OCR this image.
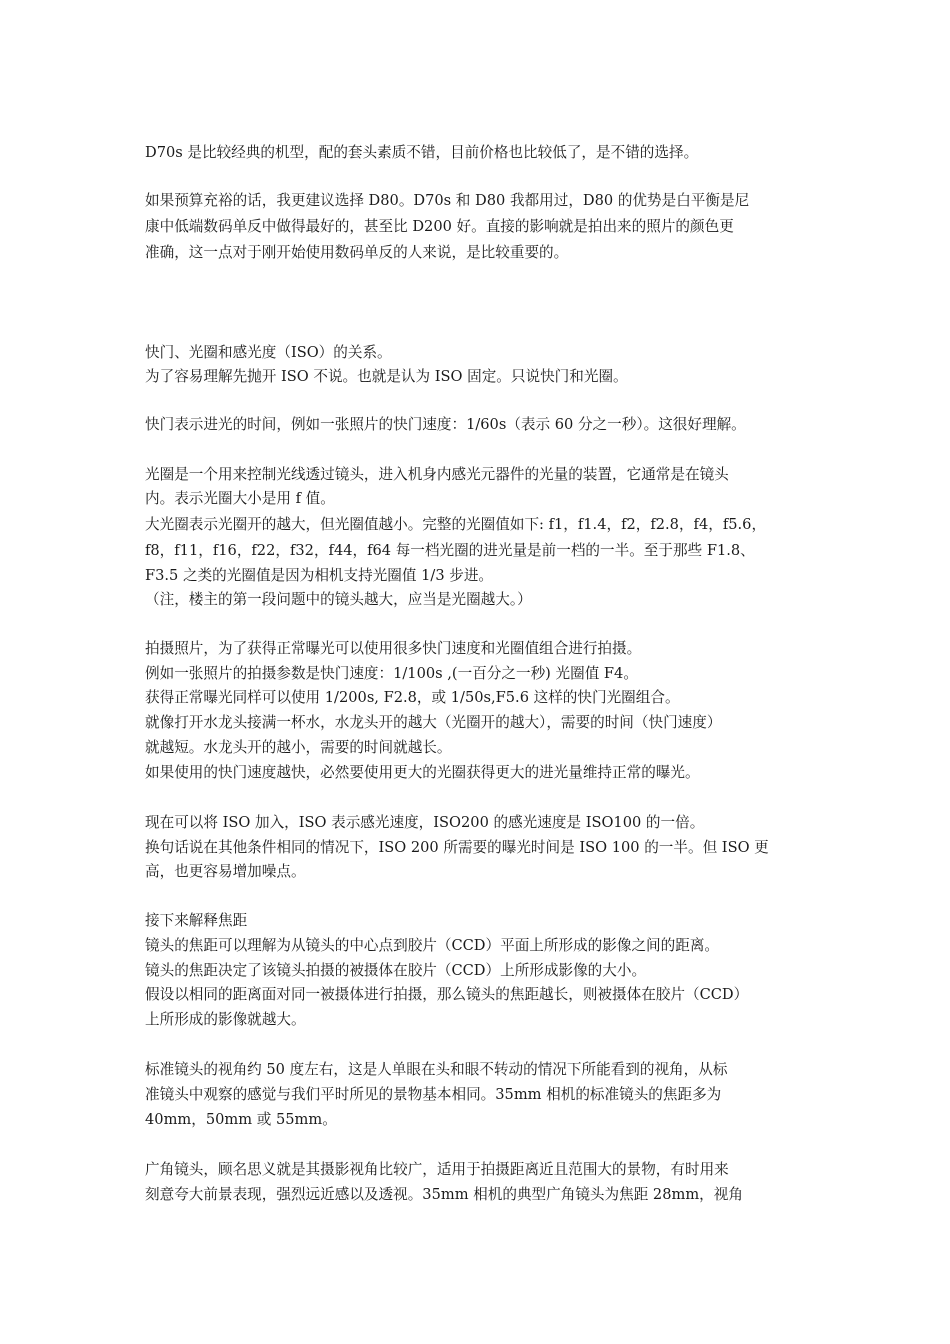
D70s 是比较经典的机型，配的套头素质不错，目前价格也比较低了，是不错的选择。

如果预算充裕的话，我更建议选择 D80。D70s 和 D80 我都用过，D80 的优势是白平衡是尼

康中低端数码单反中做得最好的，甚至比 D200 好。直接的影响就是拍出来的照片的颜色更

准确，这一点对于刚开始使用数码单反的人来说，是比较重要的。

快门、光圈和感光度（ISO）的关系。

为了容易理解先抛开 ISO 不说。也就是认为 ISO 固定。只说快门和光圈。

快门表示进光的时间，例如一张照片的快门速度：1/60s（表示 60 分之一秒）。这很好理解。

光圈是一个用来控制光线透过镜头，进入机身内感光元器件的光量的装置，它通常是在镜头

内。表示光圈大小是用 f 值。

大光圈表示光圈开的越大，但光圈值越小。完整的光圈值如下: f1，f1.4，f2，f2.8，f4，f5.6，

f8，f11，f16，f22，f32，f44，f64 每一档光圈的进光量是前一档的一半。至于那些 F1.8、

F3.5 之类的光圈值是因为相机支持光圈值 1/3 步进。

（注，楼主的第一段问题中的镜头越大，应当是光圈越大。）

拍摄照片，为了获得正常曝光可以使用很多快门速度和光圈值组合进行拍摄。

例如一张照片的拍摄参数是快门速度：1/100s ,(一百分之一秒) 光圈值 F4。

获得正常曝光同样可以使用 1/200s, F2.8，或 1/50s,F5.6 这样的快门光圈组合。

就像打开水龙头接满一杯水，水龙头开的越大（光圈开的越大），需要的时间（快门速度）

就越短。水龙头开的越小，需要的时间就越长。

如果使用的快门速度越快，必然要使用更大的光圈获得更大的进光量维持正常的曝光。

现在可以将 ISO 加入，ISO 表示感光速度，ISO200 的感光速度是 ISO100 的一倍。

换句话说在其他条件相同的情况下，ISO 200 所需要的曝光时间是 ISO 100 的一半。但 ISO 更

高，也更容易增加噪点。

接下来解释焦距

镜头的焦距可以理解为从镜头的中心点到胶片（CCD）平面上所形成的影像之间的距离。

镜头的焦距决定了该镜头拍摄的被摄体在胶片（CCD）上所形成影像的大小。

假设以相同的距离面对同一被摄体进行拍摄，那么镜头的焦距越长，则被摄体在胶片（CCD）

上所形成的影像就越大。

标准镜头的视角约 50 度左右，这是人单眼在头和眼不转动的情况下所能看到的视角，从标

准镜头中观察的感觉与我们平时所见的景物基本相同。35mm 相机的标准镜头的焦距多为

40mm，50mm 或 55mm。

广角镜头，顾名思义就是其摄影视角比较广，适用于拍摄距离近且范围大的景物，有时用来

刻意夸大前景表现，强烈远近感以及透视。35mm 相机的典型广角镜头为焦距 28mm，视角
